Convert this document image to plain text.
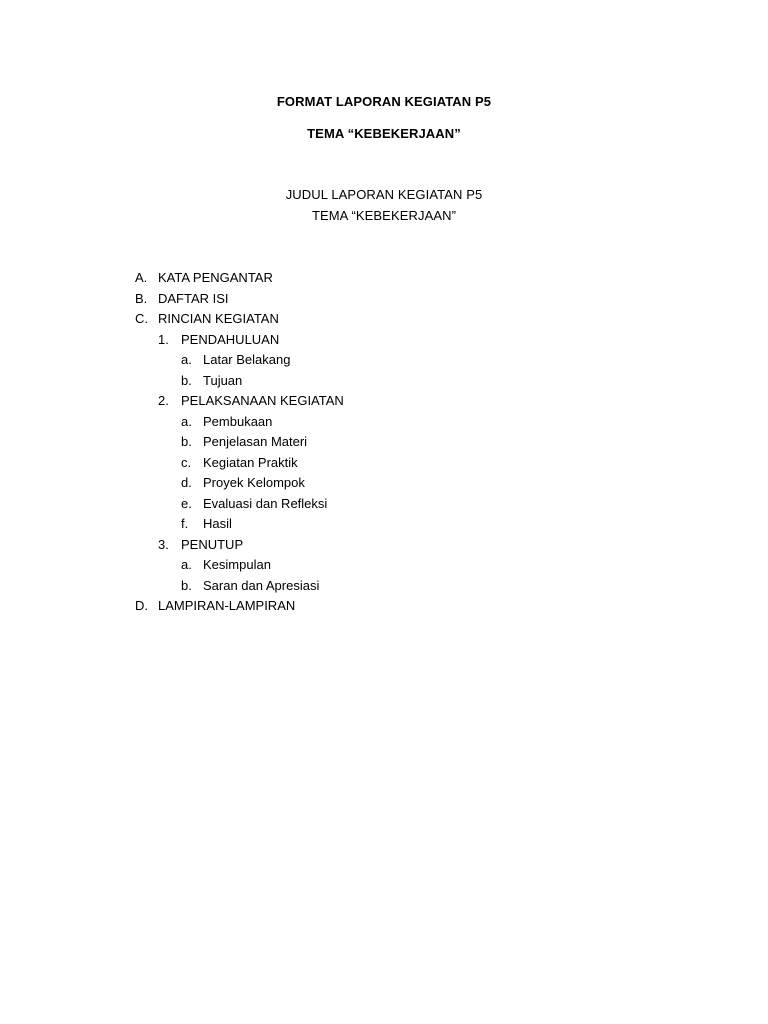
FORMAT LAPORAN KEGIATAN P5
TEMA “KEBEKERJAAN”
JUDUL LAPORAN KEGIATAN P5
TEMA “KEBEKERJAAN”
A. KATA PENGANTAR
B. DAFTAR ISI
C. RINCIAN KEGIATAN
1. PENDAHULUAN
a. Latar Belakang
b. Tujuan
2. PELAKSANAAN KEGIATAN
a. Pembukaan
b. Penjelasan Materi
c. Kegiatan Praktik
d. Proyek Kelompok
e. Evaluasi dan Refleksi
f. Hasil
3. PENUTUP
a. Kesimpulan
b. Saran dan Apresiasi
D. LAMPIRAN-LAMPIRAN
